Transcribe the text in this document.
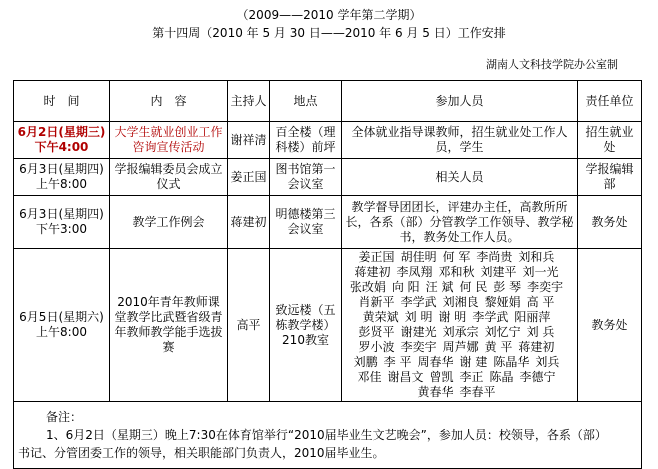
（2009——2010 学年第二学期）
第十四周（2010 年 5 月 30 日——2010 年 6 月 5 日）工作安排
湖南人文科技学院办公室制
时　间	内　容	主持人	地点	参加人员	责任单位

6月2日(星期三)
下午4:00	大学生就业创业工作咨询宣传活动	谢祥清	百全楼（理科楼）前坪	全体就业指导课教师，招生就业处工作人员，学生	招生就业处

6月3日(星期四)
上午8:00	学报编辑委员会成立仪式	姜正国	图书馆第一会议室	相关人员	学报编辑部

6月3日(星期四)
下午3:00	教学工作例会	蒋建初	明德楼第三会议室	教学督导团团长，评建办主任，高教所所长，各系（部）分管教学工作领导、教学秘书，教务处工作人员。	教务处

6月5日(星期六)
上午8:00	2010年青年教师课堂教学比武暨省级青年教师教学能手选拔赛	高平	致远楼（五栋教学楼）210教室	姜正国 胡佳明 何 军 李尚贵 刘和兵蒋建初 李凤翔 邓和秋 刘建平 刘一光张改娟 向 阳 汪 斌 何 民 彭 琴 李奕宇肖新平 李学武 刘湘良 黎娅娟 高 平黄荣斌 刘 明 谢 明 李学武 阳丽萍彭贤平 谢建光 刘承宗 刘忆宁 刘 兵罗小波 李奕宇 周芦娜 黄 平 蒋建初刘鹏 李 平 周春华 谢 建 陈晶华 刘兵邓佳 谢昌文 曾凯 李正 陈晶 李德宁黄春华 李春平	教务处

备注：1、6月2日（星期三）晚上7:30在体育馆举行“2010届毕业生文艺晚会”，参加人员：校领导，各系（部）
书记、分管团委工作的领导，相关职能部门负责人，2010届毕业生。					
